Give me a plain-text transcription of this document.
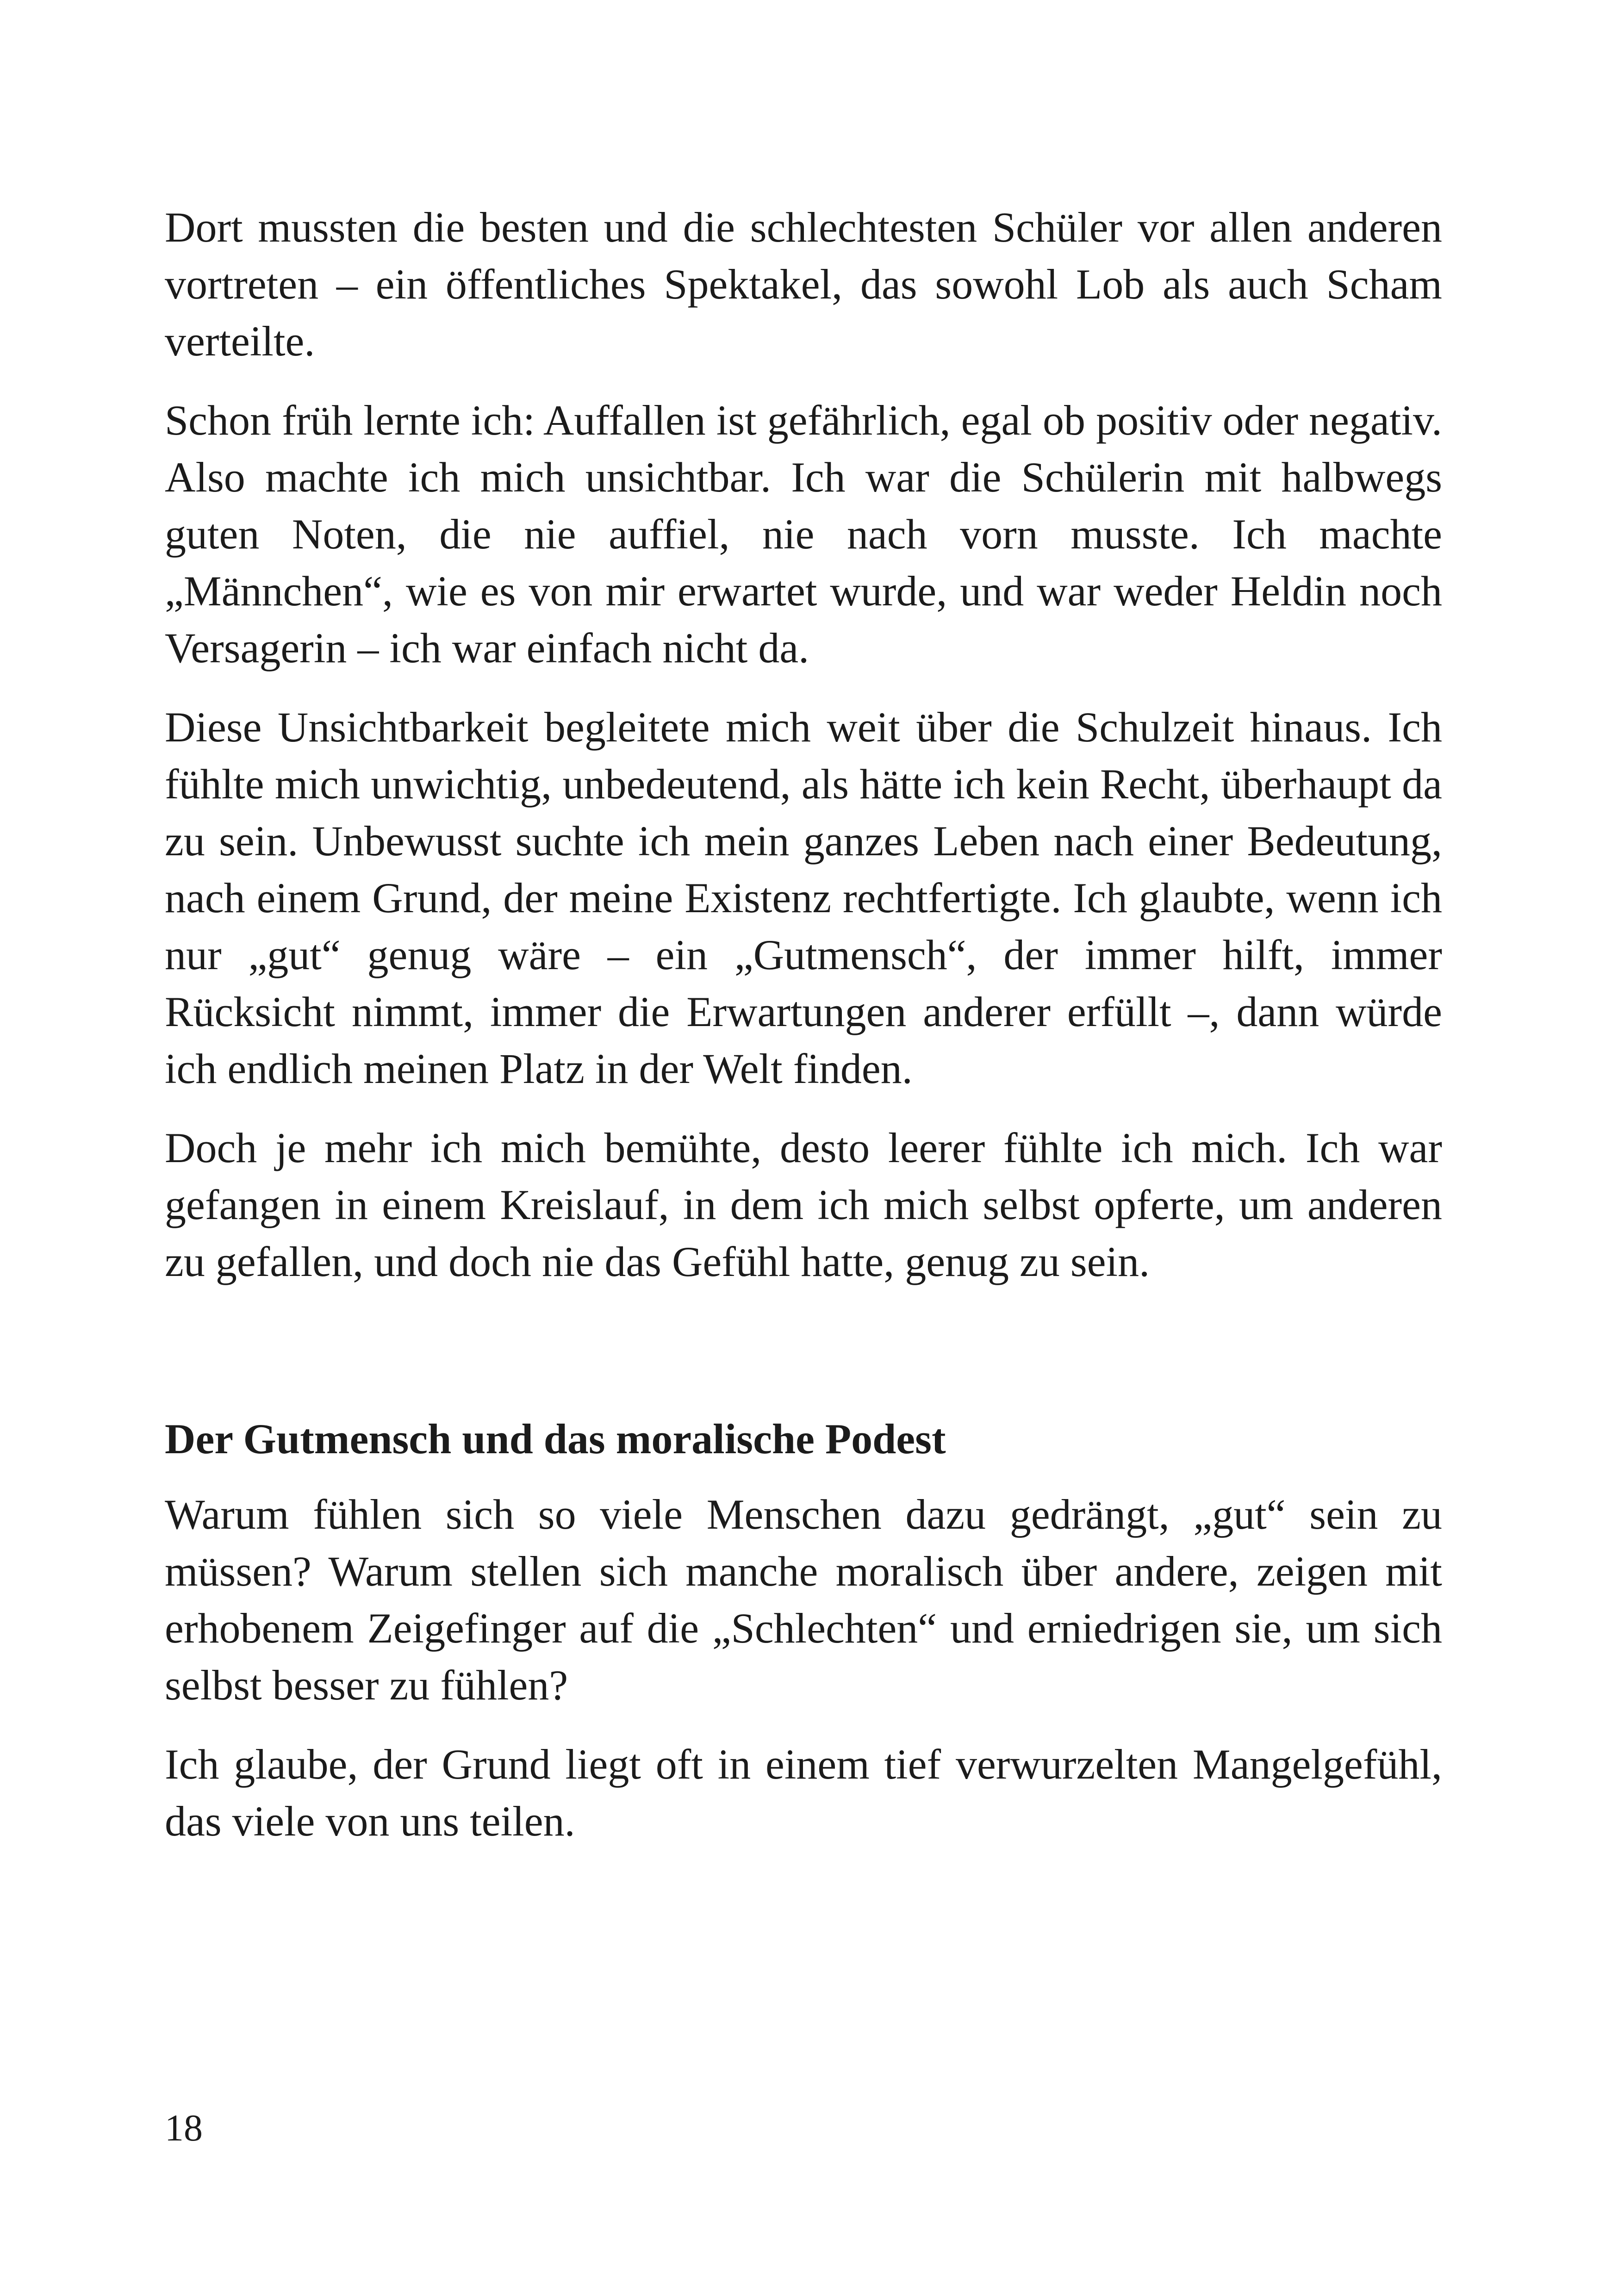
Dort mussten die besten und die schlechtesten Schüler vor allen anderen vortreten – ein öffentliches Spektakel, das sowohl Lob als auch Scham verteilte.

Schon früh lernte ich: Auffallen ist gefährlich, egal ob positiv oder negativ. Also machte ich mich unsichtbar. Ich war die Schülerin mit halbwegs guten Noten, die nie auffiel, nie nach vorn musste. Ich machte „Männchen“, wie es von mir erwartet wurde, und war weder Heldin noch Versagerin – ich war einfach nicht da.

Diese Unsichtbarkeit begleitete mich weit über die Schulzeit hinaus. Ich fühlte mich unwichtig, unbedeutend, als hätte ich kein Recht, überhaupt da zu sein. Unbewusst suchte ich mein ganzes Leben nach einer Bedeutung, nach einem Grund, der meine Existenz rechtfertigte. Ich glaubte, wenn ich nur „gut“ genug wäre – ein „Gutmensch“, der immer hilft, immer Rücksicht nimmt, immer die Erwartungen anderer erfüllt –, dann würde ich endlich meinen Platz in der Welt finden.

Doch je mehr ich mich bemühte, desto leerer fühlte ich mich. Ich war gefangen in einem Kreislauf, in dem ich mich selbst opferte, um anderen zu gefallen, und doch nie das Gefühl hatte, genug zu sein.

Der Gutmensch und das moralische Podest

Warum fühlen sich so viele Menschen dazu gedrängt, „gut“ sein zu müssen? Warum stellen sich manche moralisch über andere, zeigen mit erhobenem Zeigefinger auf die „Schlechten“ und erniedrigen sie, um sich selbst besser zu fühlen?

Ich glaube, der Grund liegt oft in einem tief verwurzelten Mangelgefühl, das viele von uns teilen.

18
